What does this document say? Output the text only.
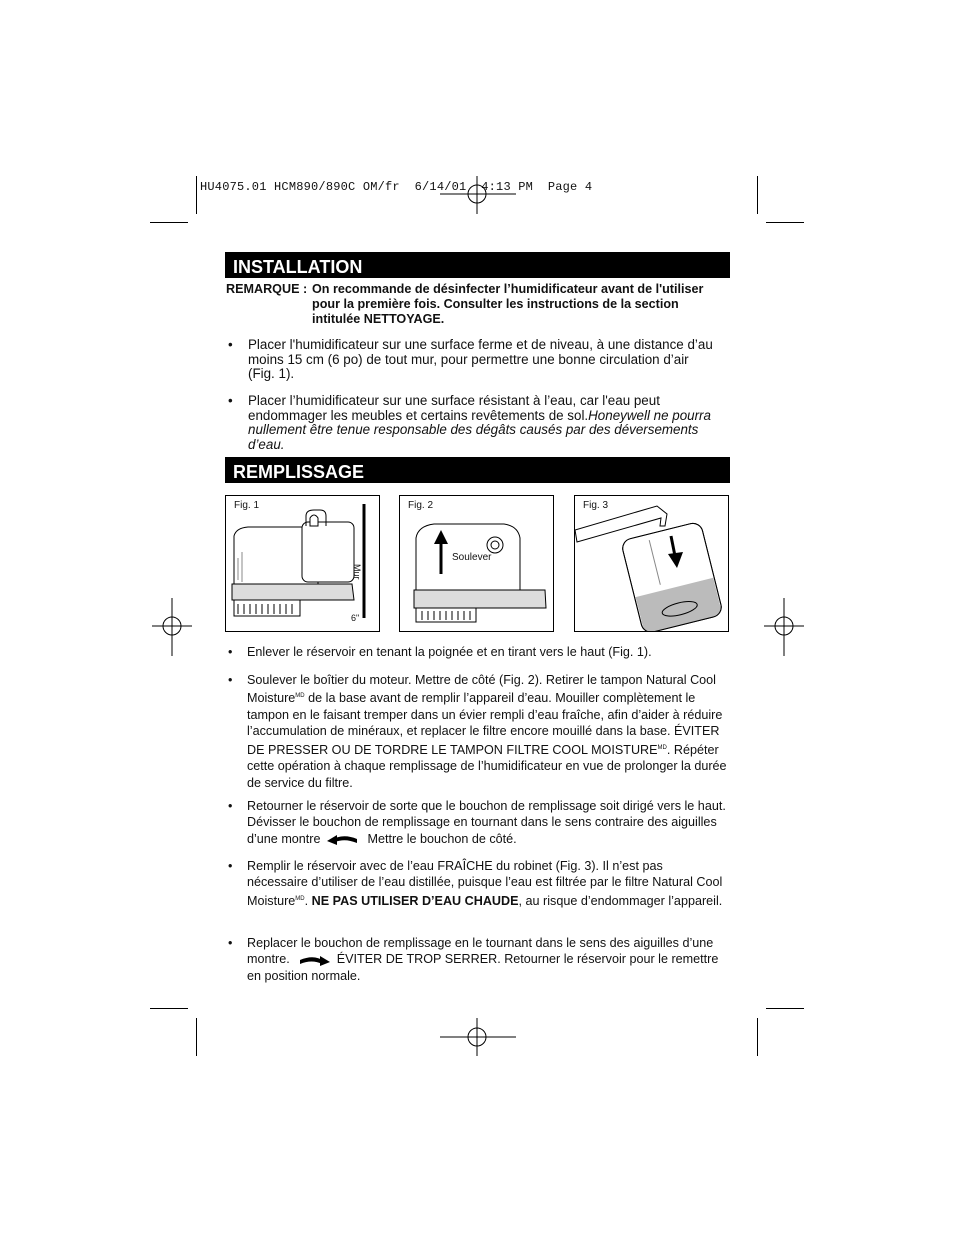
HU4075.01 HCM890/890C OM/fr  6/14/01  4:13 PM  Page 4
INSTALLATION
REMARQUE : On recommande de désinfecter l’humidificateur avant de l'utiliser pour la première fois. Consulter les instructions de la section intitulée NETTOYAGE.
• Placer l'humidificateur sur une surface ferme et de niveau, à une distance d’au moins 15 cm (6 po) de tout mur, pour permettre une bonne circulation d’air (Fig. 1).
• Placer l’humidificateur sur une surface résistant à l’eau, car l'eau peut endommager les meubles et certains revêtements de sol.Honeywell ne pourra nullement être tenue responsable des dégâts causés par des déversements d’eau.
REMPLISSAGE
Fig. 1
Mur
6"
Fig. 2
Soulever
Fig. 3
• Enlever le réservoir en tenant la poignée et en tirant vers le haut (Fig. 1).
• Soulever le boîtier du moteur. Mettre de côté (Fig. 2). Retirer le tampon Natural Cool Moisture$^{MD}$ de la base avant de remplir l’appareil d’eau. Mouiller complètement le tampon en le faisant tremper dans un évier rempli d’eau fraîche, afin d’aider à réduire l’accumulation de minéraux, et replacer le filtre encore mouillé dans la base. ÉVITER DE PRESSER OU DE TORDRE LE TAMPON FILTRE COOL $MOISTURE^{MD}$. Répéter cette opération à chaque remplissage de l’humidificateur en vue de prolonger la durée de service du filtre.
• Retourner le réservoir de sorte que le bouchon de remplissage soit dirigé vers le haut. Dévisser le bouchon de remplissage en tournant dans le sens contraire des aiguilles d’une montre	Mettre le bouchon de côté.
• Remplir le réservoir avec de l’eau FRAÎCHE du robinet (Fig. 3). Il n’est pas nécessaire d’utiliser de l’eau distillée, puisque l’eau est filtrée par le filtre Natural Cool Moisture$^{MD}$. NE PAS UTILISER D’EAU CHAUDE, au risque d’endommager l’appareil.
• Replacer le bouchon de remplissage en le tournant dans le sens des aiguilles d’une montre.	ÉVITER DE TROP SERRER. Retourner le réservoir pour le remettre en position normale.
